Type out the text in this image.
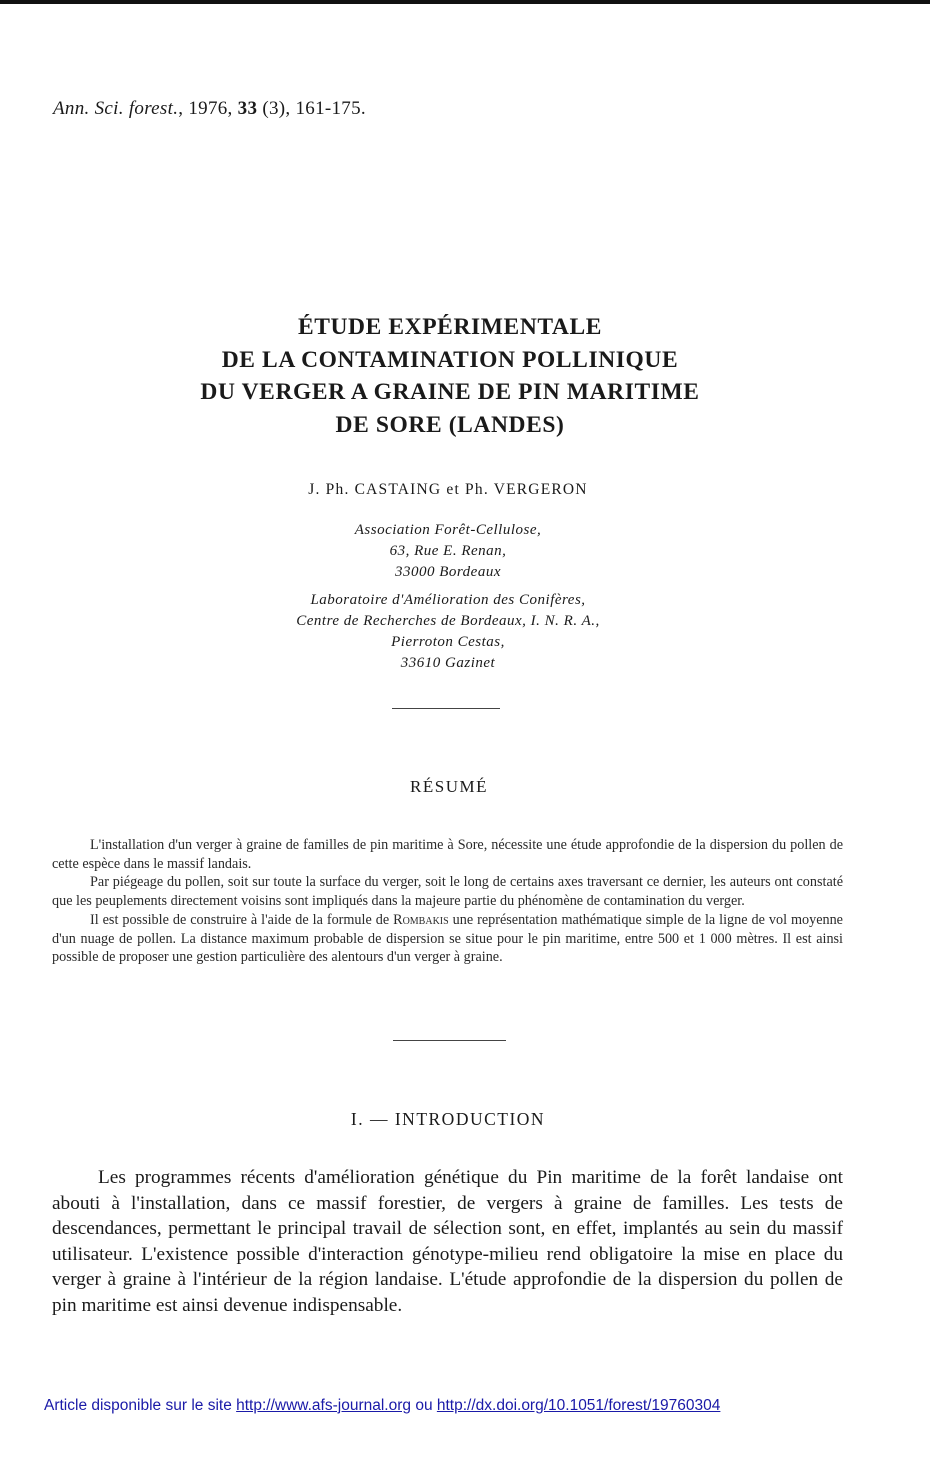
Ann. Sci. forest., 1976, 33 (3), 161-175.
ÉTUDE EXPÉRIMENTALE
DE LA CONTAMINATION POLLINIQUE
DU VERGER A GRAINE DE PIN MARITIME
DE SORE (LANDES)
J. Ph. CASTAING et Ph. VERGERON
Association Forêt-Cellulose,
63, Rue E. Renan,
33000 Bordeaux
Laboratoire d'Amélioration des Conifères,
Centre de Recherches de Bordeaux, I. N. R. A.,
Pierroton Cestas,
33610 Gazinet
RÉSUMÉ

L'installation d'un verger à graine de familles de pin maritime à Sore, nécessite une étude approfondie de la dispersion du pollen de cette espèce dans le massif landais.

Par piégeage du pollen, soit sur toute la surface du verger, soit le long de certains axes traversant ce dernier, les auteurs ont constaté que les peuplements directement voisins sont impliqués dans la majeure partie du phénomène de contamination du verger.

Il est possible de construire à l'aide de la formule de Rombakis une représentation mathématique simple de la ligne de vol moyenne d'un nuage de pollen. La distance maximum probable de dispersion se situe pour le pin maritime, entre 500 et 1 000 mètres. Il est ainsi possible de proposer une gestion particulière des alentours d'un verger à graine.

I. — INTRODUCTION

Les programmes récents d'amélioration génétique du Pin maritime de la forêt landaise ont abouti à l'installation, dans ce massif forestier, de vergers à graine de familles. Les tests de descendances, permettant le principal travail de sélection sont, en effet, implantés au sein du massif utilisateur. L'existence possible d'interaction génotype-milieu rend obligatoire la mise en place du verger à graine à l'intérieur de la région landaise. L'étude approfondie de la dispersion du pollen de pin maritime est ainsi devenue indispensable.

Article disponible sur le site http://www.afs-journal.org ou http://dx.doi.org/10.1051/forest/19760304
